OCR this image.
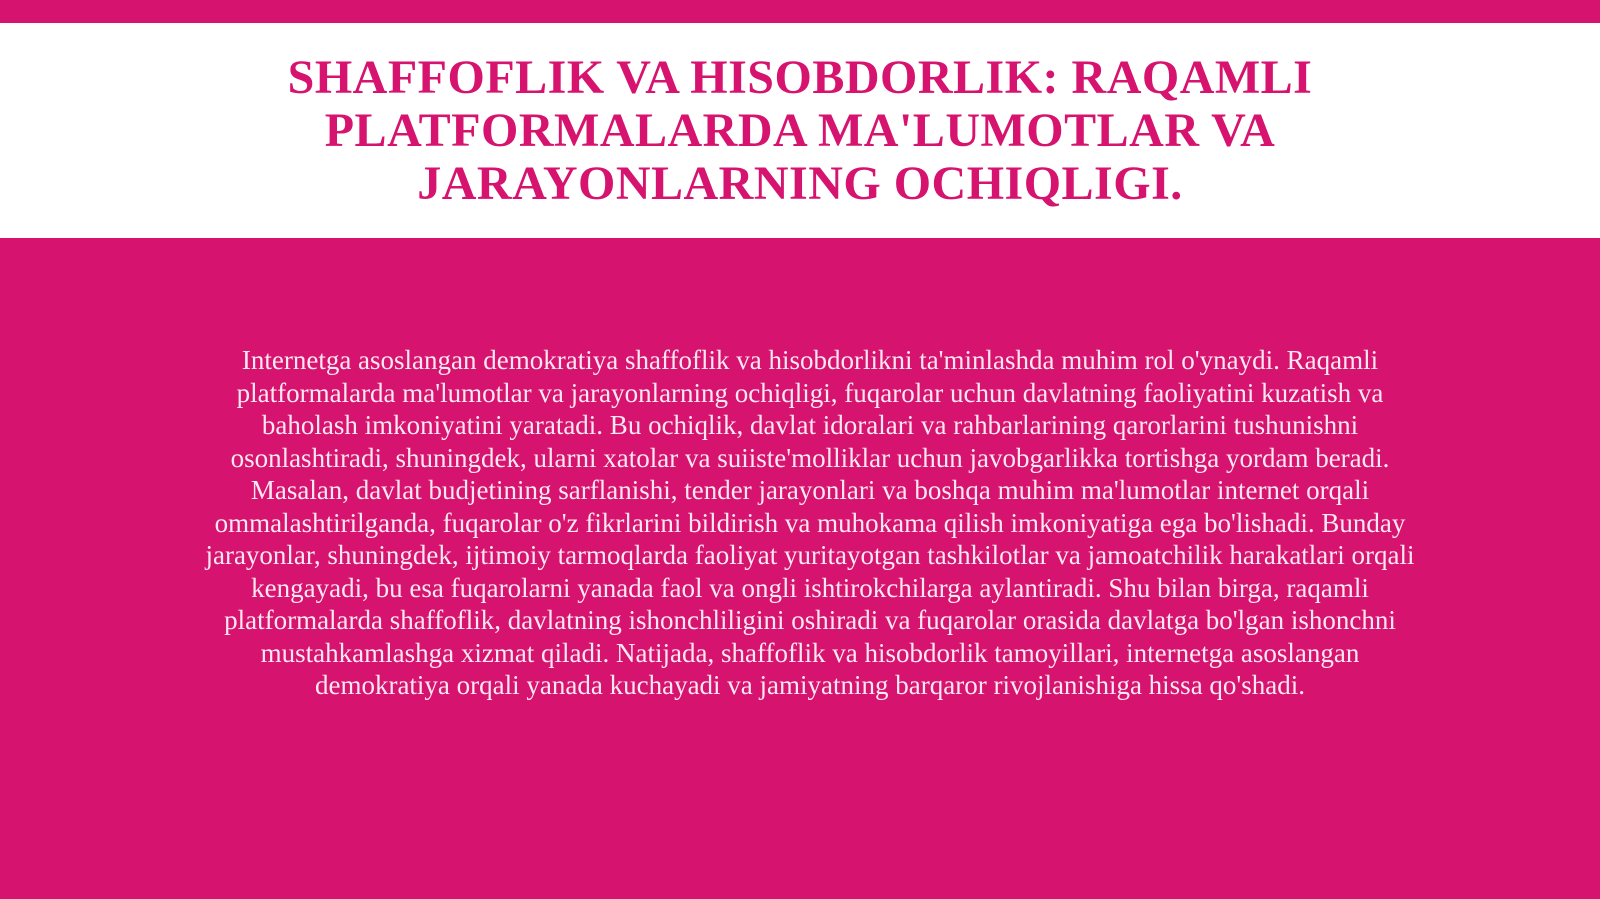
SHAFFOFLIK VA HISOBDORLIK: RAQAMLI PLATFORMALARDA MA'LUMOTLAR VA JARAYONLARNING OCHIQLIGI.

Internetga asoslangan demokratiya shaffoflik va hisobdorlikni ta'minlashda muhim rol o'ynaydi. Raqamli platformalarda ma'lumotlar va jarayonlarning ochiqligi, fuqarolar uchun davlatning faoliyatini kuzatish va baholash imkoniyatini yaratadi. Bu ochiqlik, davlat idoralari va rahbarlarining qarorlarini tushunishni osonlashtiradi, shuningdek, ularni xatolar va suiiste'molliklar uchun javobgarlikka tortishga yordam beradi. Masalan, davlat budjetining sarflanishi, tender jarayonlari va boshqa muhim ma'lumotlar internet orqali ommalashtirilganda, fuqarolar o'z fikrlarini bildirish va muhokama qilish imkoniyatiga ega bo'lishadi. Bunday jarayonlar, shuningdek, ijtimoiy tarmoqlarda faoliyat yuritayotgan tashkilotlar va jamoatchilik harakatlari orqali kengayadi, bu esa fuqarolarni yanada faol va ongli ishtirokchilarga aylantiradi. Shu bilan birga, raqamli platformalarda shaffoflik, davlatning ishonchliligini oshiradi va fuqarolar orasida davlatga bo'lgan ishonchni mustahkamlashga xizmat qiladi. Natijada, shaffoflik va hisobdorlik tamoyillari, internetga asoslangan demokratiya orqali yanada kuchayadi va jamiyatning barqaror rivojlanishiga hissa qo'shadi.
